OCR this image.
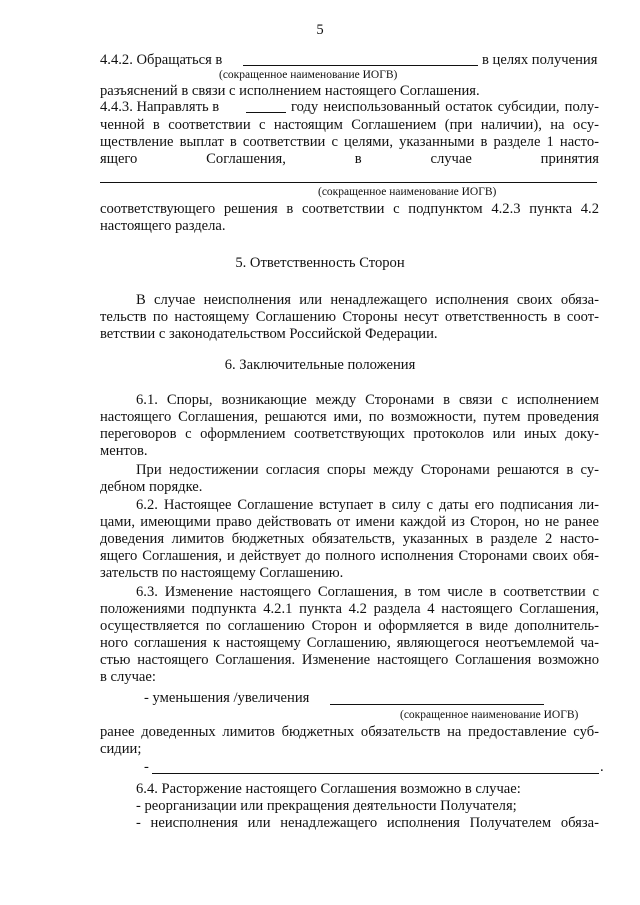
5
4.4.2. Обращаться в	в целях получения
(сокращенное наименование ИОГВ)
разъяснений в связи с исполнением настоящего Соглашения.
4.4.3. Направлять в	году неиспользованный остаток субсидии, полу-
ченной в соответствии с настоящим Соглашением (при наличии), на осу-
ществление выплат в соответствии с целями, указанными в разделе 1 насто-
ящего Соглашения, в случае принятия
(сокращенное наименование ИОГВ)
соответствующего решения в соответствии с подпунктом 4.2.3 пункта 4.2
настоящего раздела.
5. Ответственность Сторон
В случае неисполнения или ненадлежащего исполнения своих обяза-
тельств по настоящему Соглашению Стороны несут ответственность в соот-
ветствии с законодательством Российской Федерации.
6. Заключительные положения
6.1. Споры, возникающие между Сторонами в связи с исполнением
настоящего Соглашения, решаются ими, по возможности, путем проведения
переговоров с оформлением соответствующих протоколов или иных доку-
ментов.
При недостижении согласия споры между Сторонами решаются в су-
дебном порядке.
6.2. Настоящее Соглашение вступает в силу с даты его подписания ли-
цами, имеющими право действовать от имени каждой из Сторон, но не ранее
доведения лимитов бюджетных обязательств, указанных в разделе 2 насто-
ящего Соглашения, и действует до полного исполнения Сторонами своих обя-
зательств по настоящему Соглашению.
6.3. Изменение настоящего Соглашения, в том числе в соответствии с
положениями подпункта 4.2.1 пункта 4.2 раздела 4 настоящего Соглашения,
осуществляется по соглашению Сторон и оформляется в виде дополнитель-
ного соглашения к настоящему Соглашению, являющегося неотъемлемой ча-
стью настоящего Соглашения. Изменение настоящего Соглашения возможно
в случае:
- уменьшения /увеличения
(сокращенное наименование ИОГВ)
ранее доведенных лимитов бюджетных обязательств на предоставление суб-
сидии;
-	.
6.4. Расторжение настоящего Соглашения возможно в случае:
- реорганизации или прекращения деятельности Получателя;
- неисполнения или ненадлежащего исполнения Получателем обяза-
